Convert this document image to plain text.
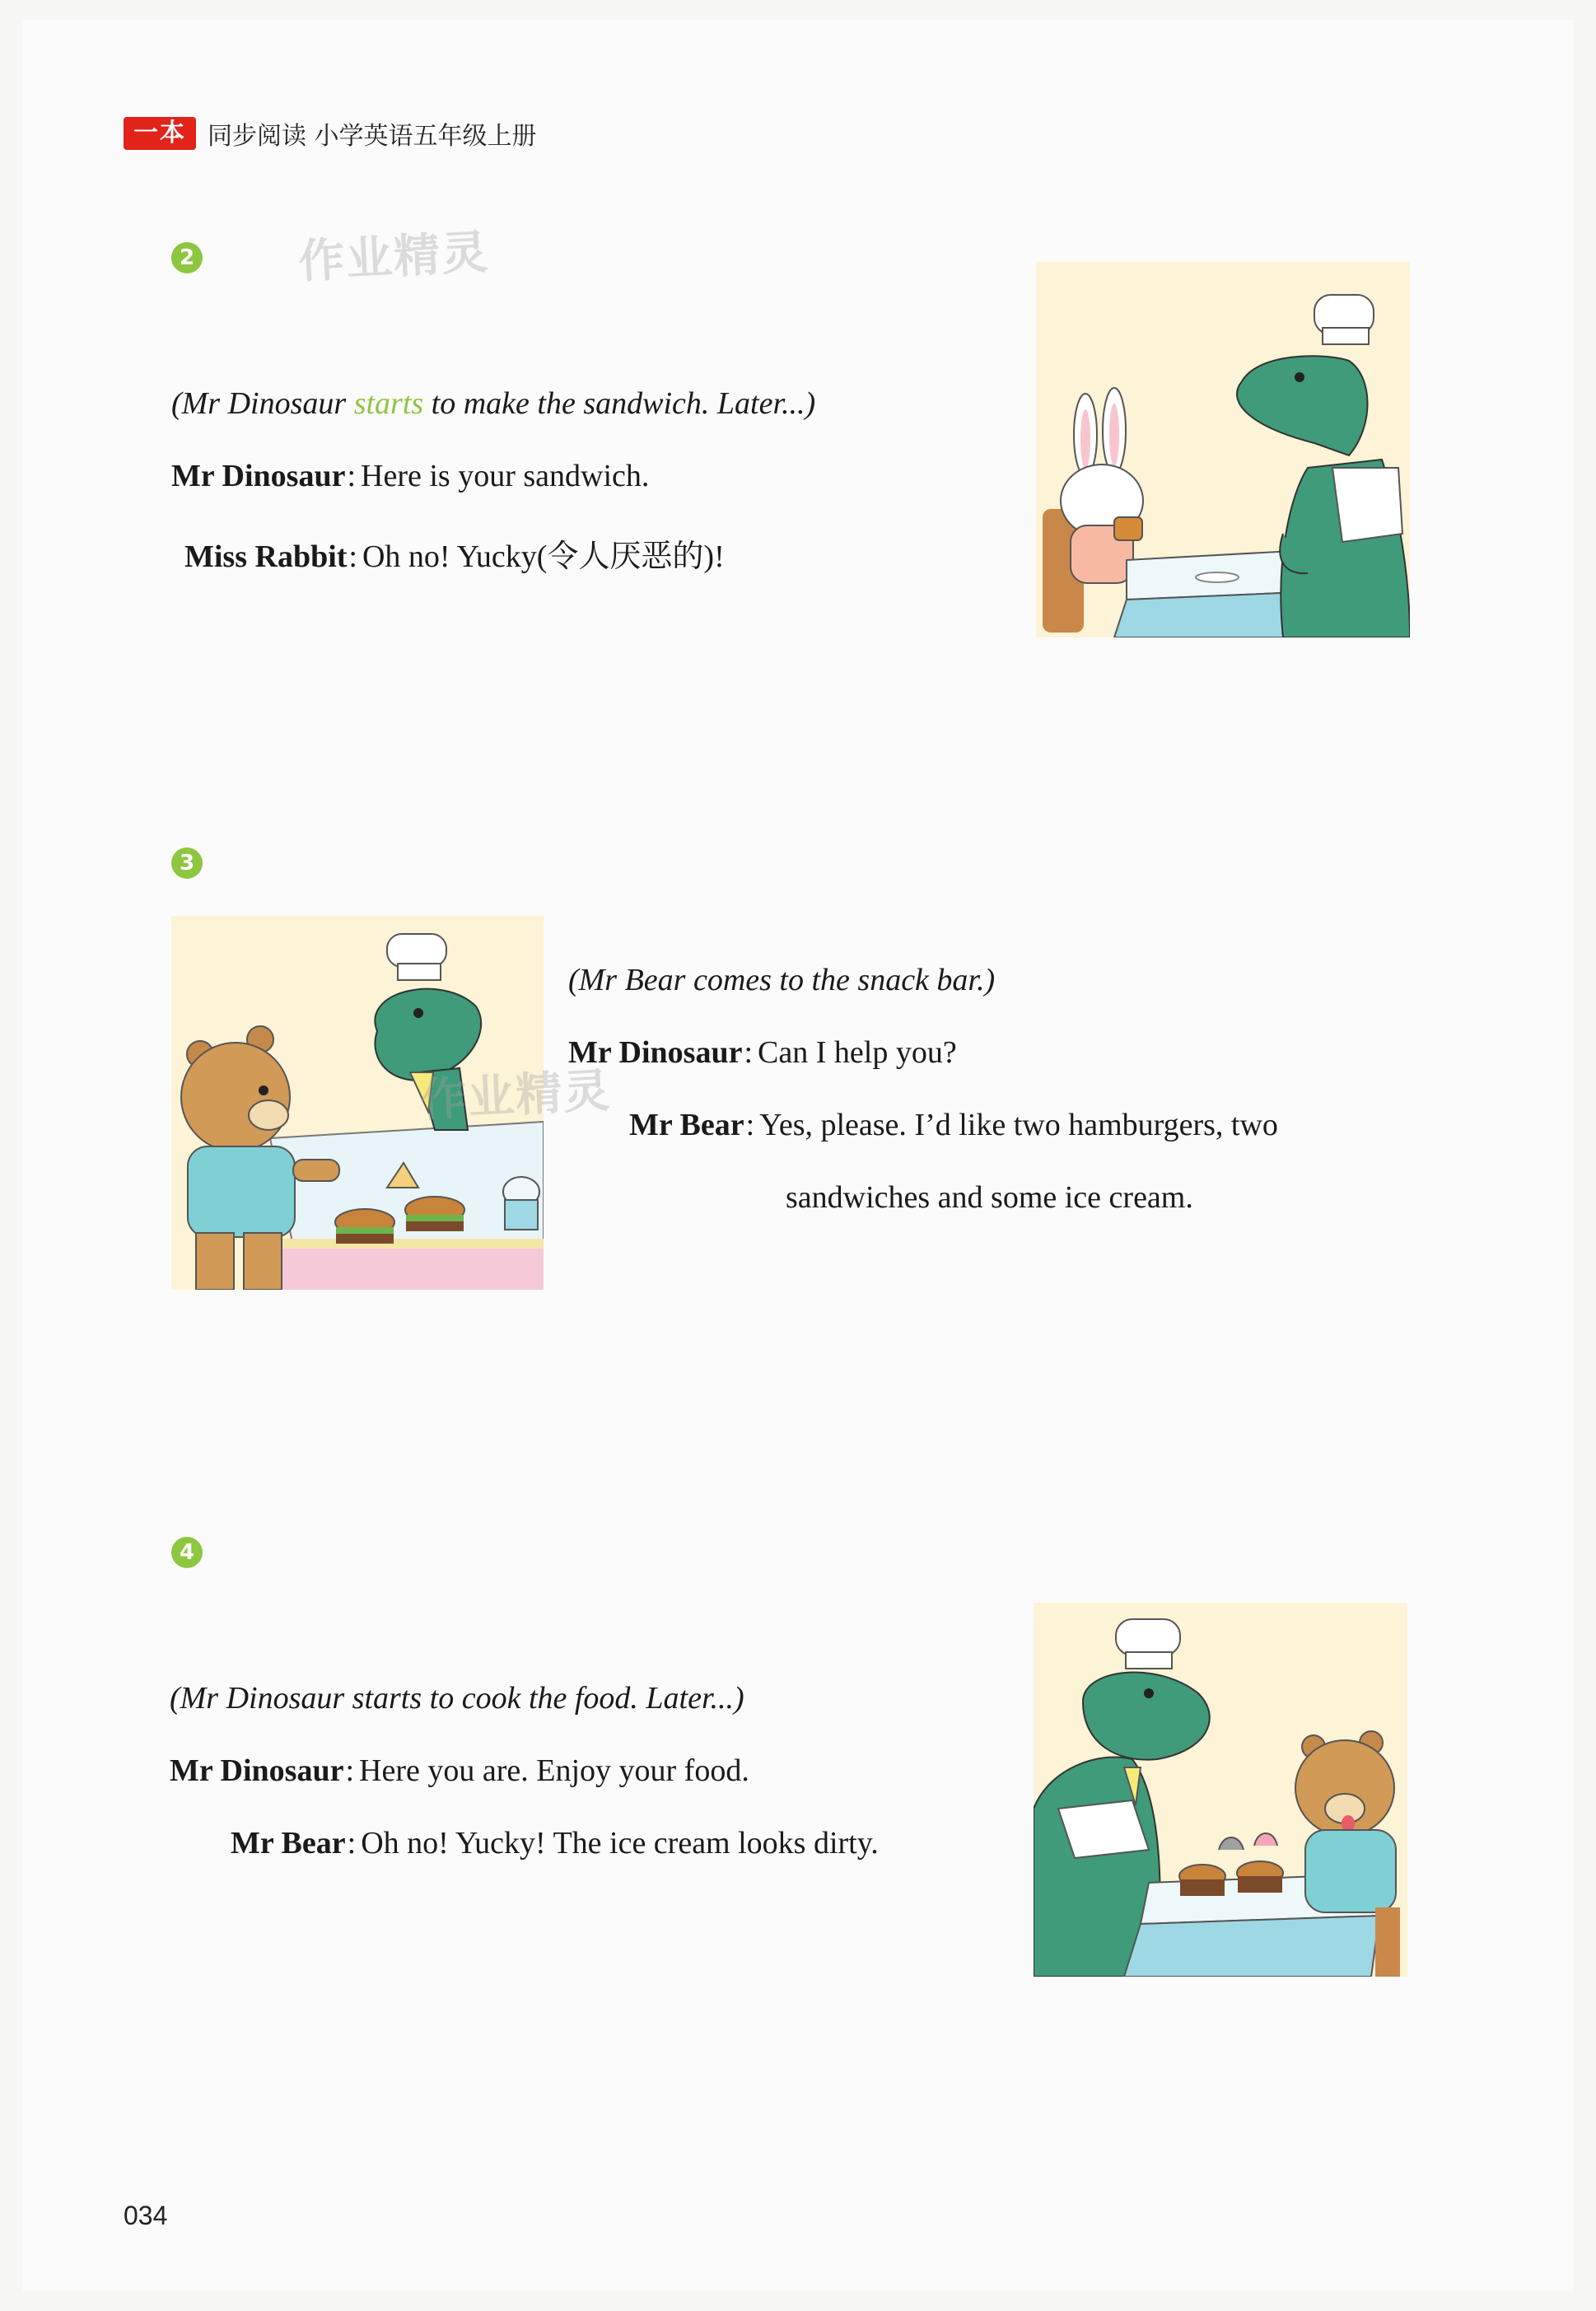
一本 同步阅读 小学英语五年级上册
2 作业精灵
(Mr Dinosaur starts to make the sandwich. Later...)
Mr Dinosaur: Here is your sandwich.
Miss Rabbit: Oh no! Yucky(令人厌恶的)!
3
作业精灵
(Mr Bear comes to the snack bar.)
Mr Dinosaur: Can I help you?
Mr Bear: Yes, please. I’d like two hamburgers, two
sandwiches and some ice cream.
4
(Mr Dinosaur starts to cook the food. Later...)
Mr Dinosaur: Here you are. Enjoy your food.
Mr Bear: Oh no! Yucky! The ice cream looks dirty.
034
